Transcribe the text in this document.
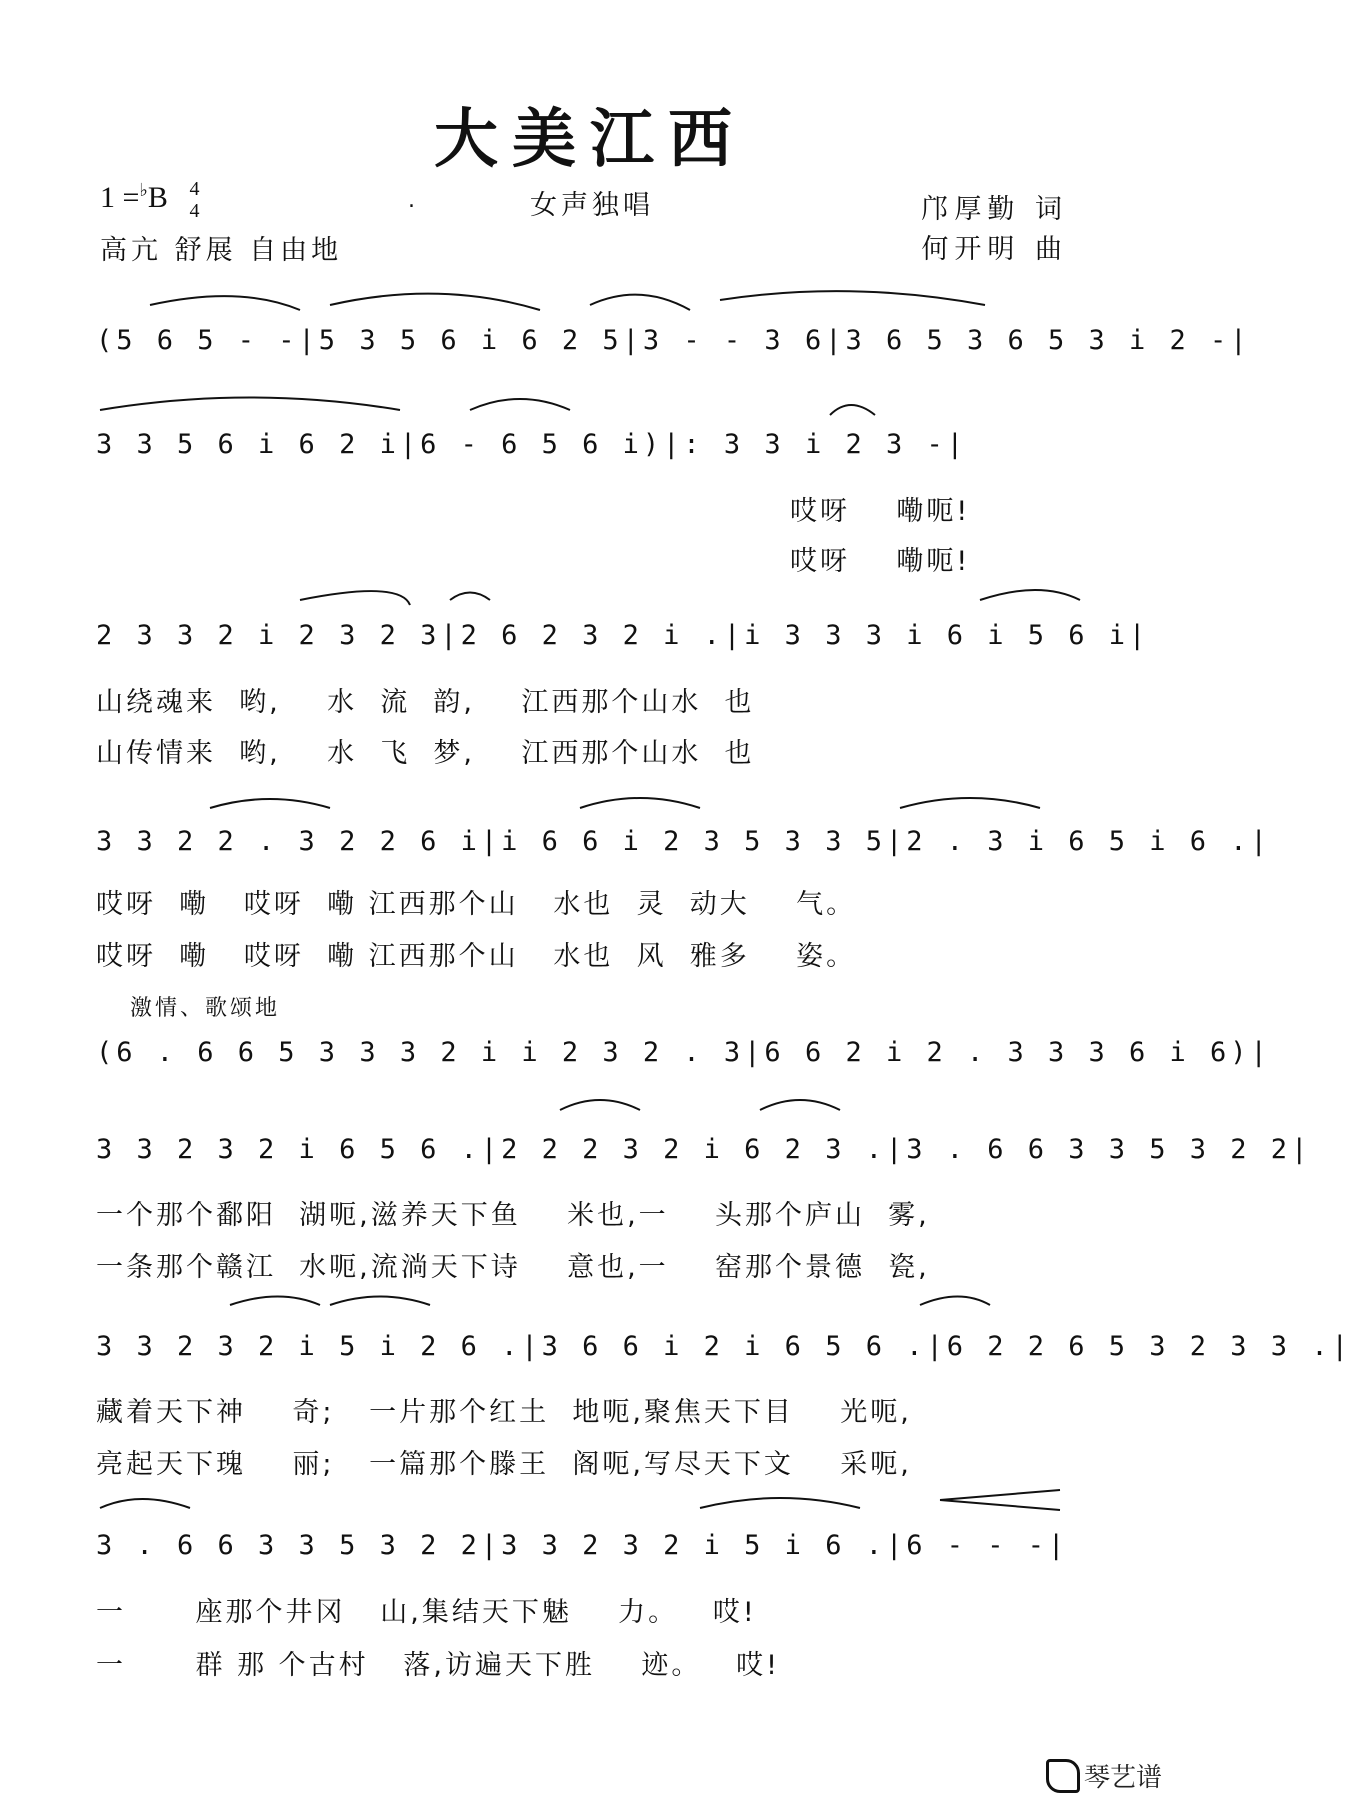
大美江西
1 =♭B 4
4	.	女声独唱	邝厚勤 词
何开明 曲
高亢 舒展 自由地
(5 6 5 - -|5 3 5 6 i 6 2 5|3 - - 3 6|3 6 5 3 6 5 3 i 2 -|
3 3 5 6 i 6 2 i|6 - 6 5 6 i)|: 3 3 i 2 3 -|
哎呀    嘞呃!
哎呀    嘞呃!
2 3 3 2 i 2 3 2 3|2 6 2 3 2 i .|i 3 3 3 i 6 i 5 6 i|
山绕魂来  哟,    水  流  韵,    江西那个山水  也
山传情来  哟,    水  飞  梦,    江西那个山水  也
3 3 2 2 . 3 2 2 6 i|i 6 6 i 2 3 5 3 3 5|2 . 3 i 6 5 i 6 .|
哎呀  嘞   哎呀  嘞 江西那个山   水也  灵  动大    气。
哎呀  嘞   哎呀  嘞 江西那个山   水也  风  雅多    姿。
激情、歌颂地
(6 . 6 6 5 3 3 3 2 i i 2 3 2 . 3|6 6 2 i 2 . 3 3 3 6 i 6)|
3 3 2 3 2 i 6 5 6 .|2 2 2 3 2 i 6 2 3 .|3 . 6 6 3 3 5 3 2 2|
一个那个鄱阳  湖呃,滋养天下鱼    米也,一    头那个庐山  雾,
一条那个赣江  水呃,流淌天下诗    意也,一    窑那个景德  瓷,
3 3 2 3 2 i 5 i 2 6 .|3 6 6 i 2 i 6 5 6 .|6 2 2 6 5 3 2 3 3 .|
藏着天下神    奇;   一片那个红土  地呃,聚焦天下目    光呃,
亮起天下瑰    丽;   一篇那个滕王  阁呃,写尽天下文    采呃,
3 . 6 6 3 3 5 3 2 2|3 3 2 3 2 i 5 i 6 .|6 - - -|
一      座那个井冈   山,集结天下魅    力。   哎!
一      群 那 个古村   落,访遍天下胜    迹。   哎!
琴艺谱
